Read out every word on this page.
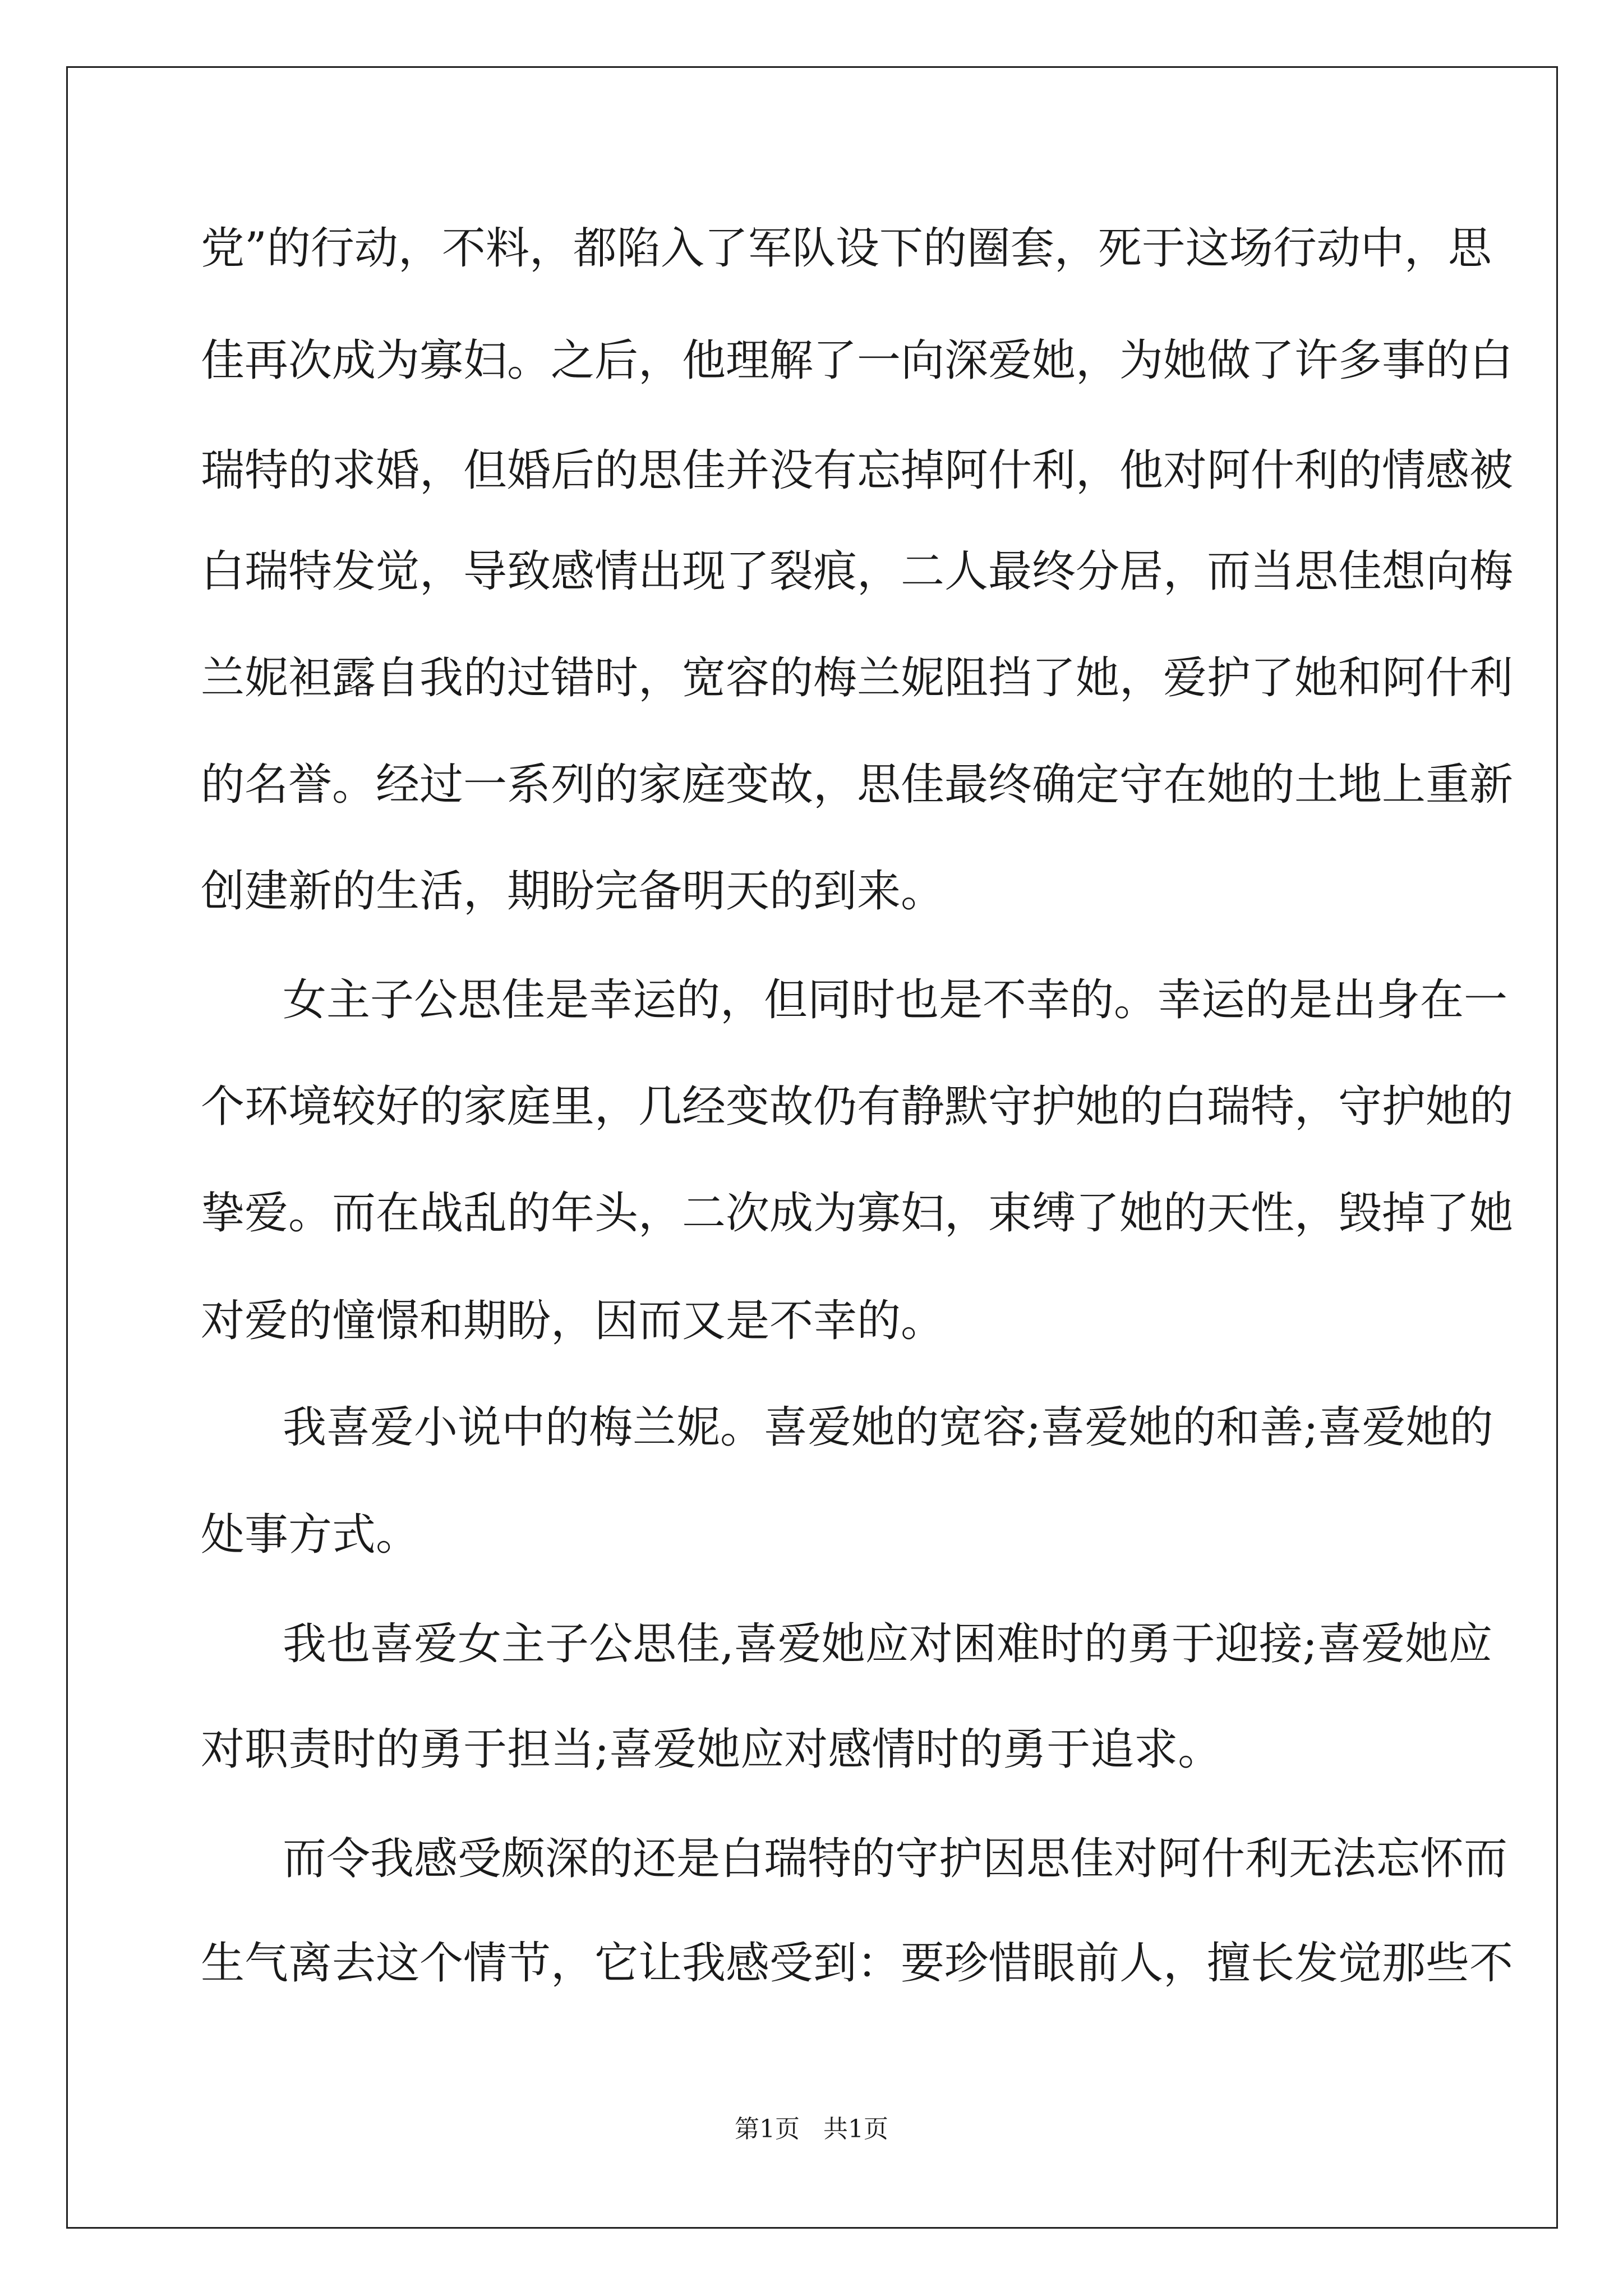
党”的行动，不料，都陷入了军队设下的圈套，死于这场行动中，思
佳再次成为寡妇。之后，他理解了一向深爱她，为她做了许多事的白
瑞特的求婚，但婚后的思佳并没有忘掉阿什利，他对阿什利的情感被
白瑞特发觉，导致感情出现了裂痕，二人最终分居，而当思佳想向梅
兰妮袒露自我的过错时，宽容的梅兰妮阻挡了她，爱护了她和阿什利
的名誉。经过一系列的家庭变故，思佳最终确定守在她的土地上重新
创建新的生活，期盼完备明天的到来。
女主子公思佳是幸运的，但同时也是不幸的。幸运的是出身在一
个环境较好的家庭里，几经变故仍有静默守护她的白瑞特，守护她的
挚爱。而在战乱的年头，二次成为寡妇，束缚了她的天性，毁掉了她
对爱的憧憬和期盼，因而又是不幸的。
我喜爱小说中的梅兰妮。喜爱她的宽容;喜爱她的和善;喜爱她的
处事方式。
我也喜爱女主子公思佳,喜爱她应对困难时的勇于迎接;喜爱她应
对职责时的勇于担当;喜爱她应对感情时的勇于追求。
而令我感受颇深的还是白瑞特的守护因思佳对阿什利无法忘怀而
生气离去这个情节，它让我感受到：要珍惜眼前人，擅长发觉那些不
第1页   共1页
